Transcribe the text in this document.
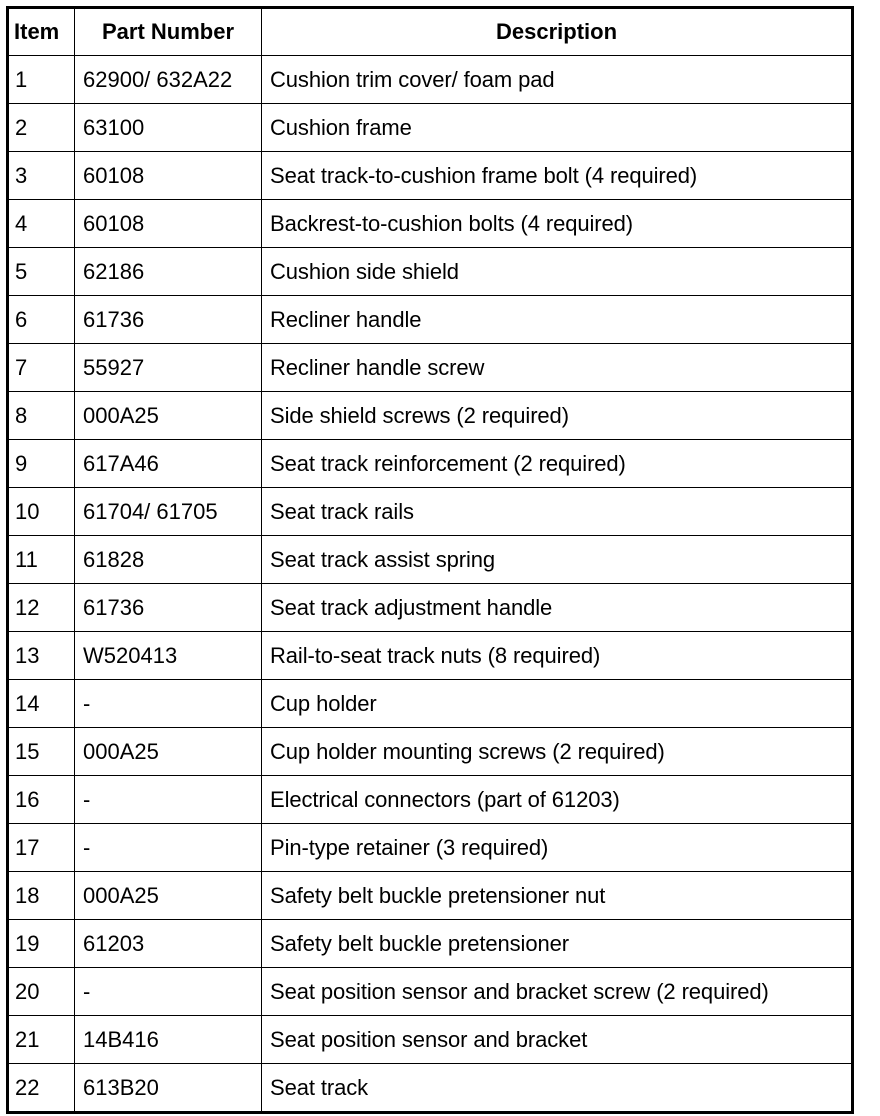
Item	Part Number	Description
1	62900/ 632A22	Cushion trim cover/ foam pad
2	63100	Cushion frame
3	60108	Seat track-to-cushion frame bolt (4 required)
4	60108	Backrest-to-cushion bolts (4 required)
5	62186	Cushion side shield
6	61736	Recliner handle
7	55927	Recliner handle screw
8	000A25	Side shield screws (2 required)
9	617A46	Seat track reinforcement (2 required)
10	61704/ 61705	Seat track rails
11	61828	Seat track assist spring
12	61736	Seat track adjustment handle
13	W520413	Rail-to-seat track nuts (8 required)
14	-	Cup holder
15	000A25	Cup holder mounting screws (2 required)
16	-	Electrical connectors (part of 61203)
17	-	Pin-type retainer (3 required)
18	000A25	Safety belt buckle pretensioner nut
19	61203	Safety belt buckle pretensioner
20	-	Seat position sensor and bracket screw (2 required)
21	14B416	Seat position sensor and bracket
22	613B20	Seat track
